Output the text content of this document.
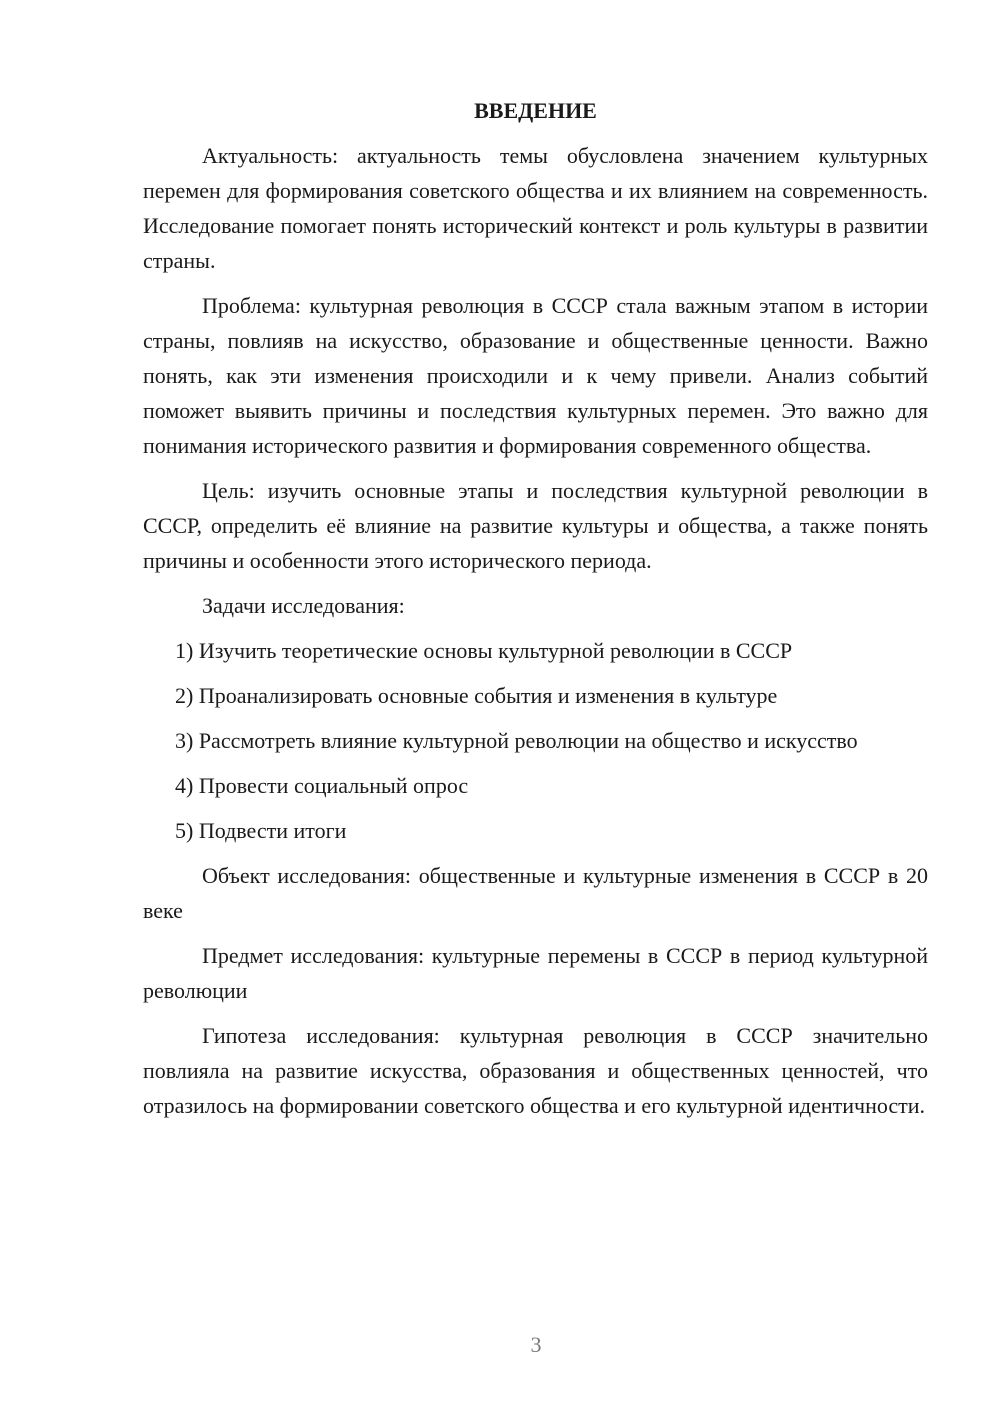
ВВЕДЕНИЕ

Актуальность: актуальность темы обусловлена значением культурных перемен для формирования советского общества и их влиянием на современность. Исследование помогает понять исторический контекст и роль культуры в развитии страны.

Проблема: культурная революция в СССР стала важным этапом в истории страны, повлияв на искусство, образование и общественные ценности. Важно понять, как эти изменения происходили и к чему привели. Анализ событий поможет выявить причины и последствия культурных перемен. Это важно для понимания исторического развития и формирования современного общества.

Цель: изучить основные этапы и последствия культурной революции в СССР, определить её влияние на развитие культуры и общества, а также понять причины и особенности этого исторического периода.

Задачи исследования:

1) Изучить теоретические основы культурной революции в СССР

2) Проанализировать основные события и изменения в культуре

3) Рассмотреть влияние культурной революции на общество и искусство

4) Провести социальный опрос

5) Подвести итоги

Объект исследования: общественные и культурные изменения в СССР в 20 веке

Предмет исследования: культурные перемены в СССР в период культурной революции

Гипотеза исследования: культурная революция в СССР значительно повлияла на развитие искусства, образования и общественных ценностей, что отразилось на формировании советского общества и его культурной идентичности.

3
